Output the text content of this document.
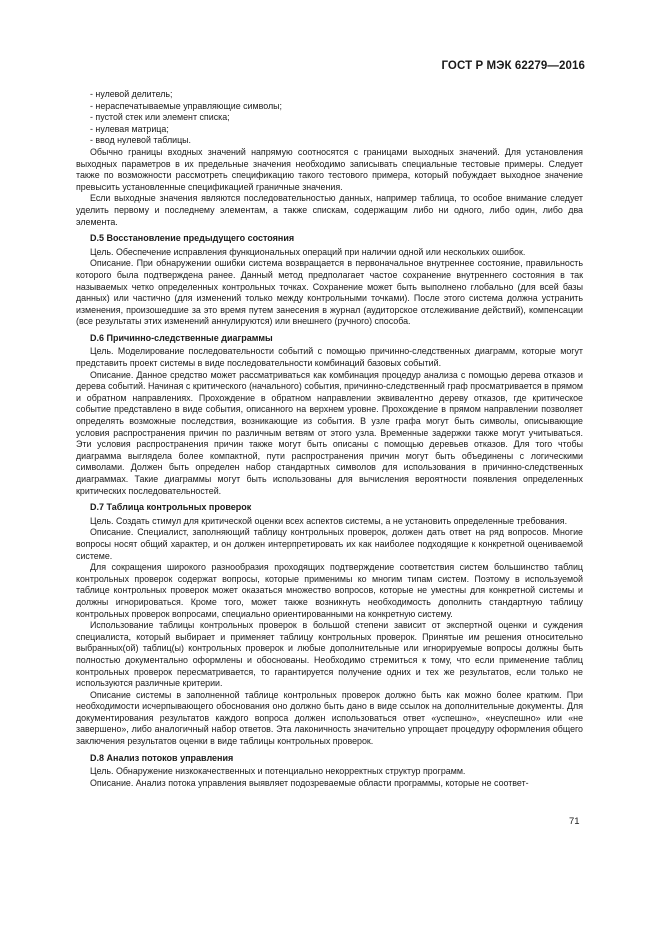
ГОСТ Р МЭК 62279—2016

- нулевой делитель;

- нераспечатываемые управляющие символы;

- пустой стек или элемент списка;

- нулевая матрица;

- ввод нулевой таблицы.

Обычно границы входных значений напрямую соотносятся с границами выходных значений. Для установления выходных параметров в их предельные значения необходимо записывать специальные тестовые примеры. Следует также по возможности рассмотреть спецификацию такого тестового примера, который побуждает выходное значение превысить установленные спецификацией граничные значения.

Если выходные значения являются последовательностью данных, например таблица, то особое внимание следует уделить первому и последнему элементам, а также спискам, содержащим либо ни одного, либо один, либо два элемента.

D.5 Восстановление предыдущего состояния

Цель. Обеспечение исправления функциональных операций при наличии одной или нескольких ошибок.

Описание. При обнаружении ошибки система возвращается в первоначальное внутреннее состояние, правильность которого была подтверждена ранее. Данный метод предполагает частое сохранение внутреннего состояния в так называемых четко определенных контрольных точках. Сохранение может быть выполнено глобально (для всей базы данных) или частично (для изменений только между контрольными точками). После этого система должна устранить изменения, произошедшие за это время путем занесения в журнал (аудиторское отслеживание действий), компенсации (все результаты этих изменений аннулируются) или внешнего (ручного) способа.

D.6 Причинно-следственные диаграммы

Цель. Моделирование последовательности событий с помощью причинно-следственных диаграмм, которые могут представить проект системы в виде последовательности комбинаций базовых событий.

Описание. Данное средство может рассматриваться как комбинация процедур анализа с помощью дерева отказов и дерева событий. Начиная с критического (начального) события, причинно-следственный граф просматривается в прямом и обратном направлениях. Прохождение в обратном направлении эквивалентно дереву отказов, где критическое событие представлено в виде события, описанного на верхнем уровне. Прохождение в прямом направлении позволяет определять возможные последствия, возникающие из события. В узле графа могут быть символы, описывающие условия распространения причин по различным ветвям от этого узла. Временные задержки также могут учитываться. Эти условия распространения причин также могут быть описаны с помощью деревьев отказов. Для того чтобы диаграмма выглядела более компактной, пути распространения причин могут быть объединены с логическими символами. Должен быть определен набор стандартных символов для использования в причинно-следственных диаграммах. Такие диаграммы могут быть использованы для вычисления вероятности появления определенных критических последовательностей.

D.7 Таблица контрольных проверок

Цель. Создать стимул для критической оценки всех аспектов системы, а не установить определенные требования.

Описание. Специалист, заполняющий таблицу контрольных проверок, должен дать ответ на ряд вопросов. Многие вопросы носят общий характер, и он должен интерпретировать их как наиболее подходящие к конкретной оцениваемой системе.

Для сокращения широкого разнообразия проходящих подтверждение соответствия систем большинство таблиц контрольных проверок содержат вопросы, которые применимы ко многим типам систем. Поэтому в используемой таблице контрольных проверок может оказаться множество вопросов, которые не уместны для конкретной системы и должны игнорироваться. Кроме того, может также возникнуть необходимость дополнить стандартную таблицу контрольных проверок вопросами, специально ориентированными на конкретную систему.

Использование таблицы контрольных проверок в большой степени зависит от экспертной оценки и суждения специалиста, который выбирает и применяет таблицу контрольных проверок. Принятые им решения относительно выбранных(ой) таблиц(ы) контрольных проверок и любые дополнительные или игнорируемые вопросы должны быть полностью документально оформлены и обоснованы. Необходимо стремиться к тому, что если применение таблиц контрольных проверок пересматривается, то гарантируется получение одних и тех же результатов, если только не используются различные критерии.

Описание системы в заполненной таблице контрольных проверок должно быть как можно более кратким. При необходимости исчерпывающего обоснования оно должно быть дано в виде ссылок на дополнительные документы. Для документирования результатов каждого вопроса должен использоваться ответ «успешно», «неуспешно» или «не завершено», либо аналогичный набор ответов. Эта лаконичность значительно упрощает процедуру оформления общего заключения результатов оценки в виде таблицы контрольных проверок.

D.8 Анализ потоков управления

Цель. Обнаружение низкокачественных и потенциально некорректных структур программ.

Описание. Анализ потока управления выявляет подозреваемые области программы, которые не соответ-

71
